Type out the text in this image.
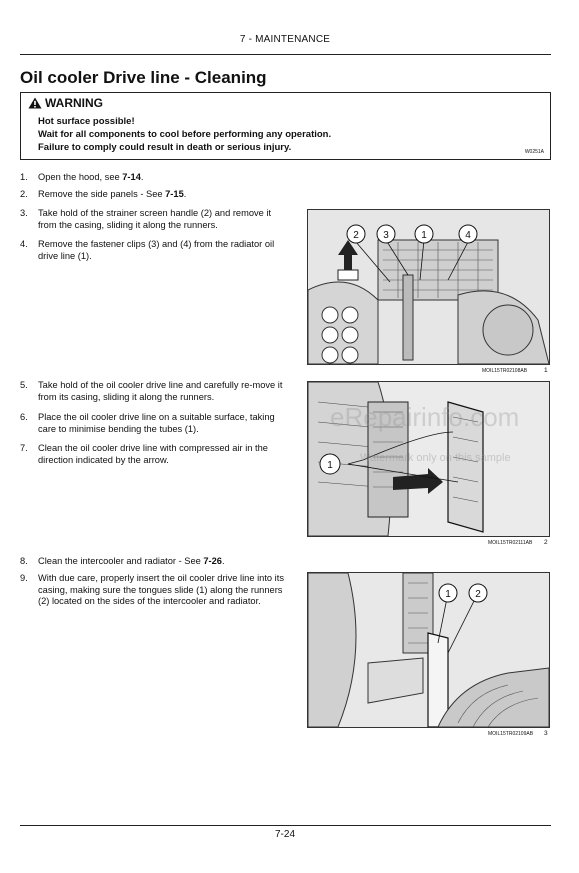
7 - MAINTENANCE
Oil cooler Drive line - Cleaning
WARNING
Hot surface possible!
Wait for all components to cool before performing any operation.
Failure to comply could result in death or serious injury.	W0251A
1. Open the hood, see 7-14.
2. Remove the side panels - See 7-15.
3. Take hold of the strainer screen handle (2) and remove it from the casing, sliding it along the runners.
4. Remove the fastener clips (3) and (4) from the radiator oil drive line (1).
5. Take hold of the oil cooler drive line and carefully re-move it from its casing, sliding it along the runners.
6. Place the oil cooler drive line on a suitable surface, taking care to minimise bending the tubes (1).
7. Clean the oil cooler drive line with compressed air in the direction indicated by the arrow.
8. Clean the intercooler and radiator - See 7-26.
9. With due care, properly insert the oil cooler drive line into its casing, making sure the tongues slide (1) along the runners (2) located on the sides of the intercooler and radiator.
2 3	1	4
MOIL15TR02108AB	1
1
MOIL15TR02111AB 2
1 2
MOIL15TR02109AB 3
eRepairinfo.com
Watermark only on this sample
7-24
